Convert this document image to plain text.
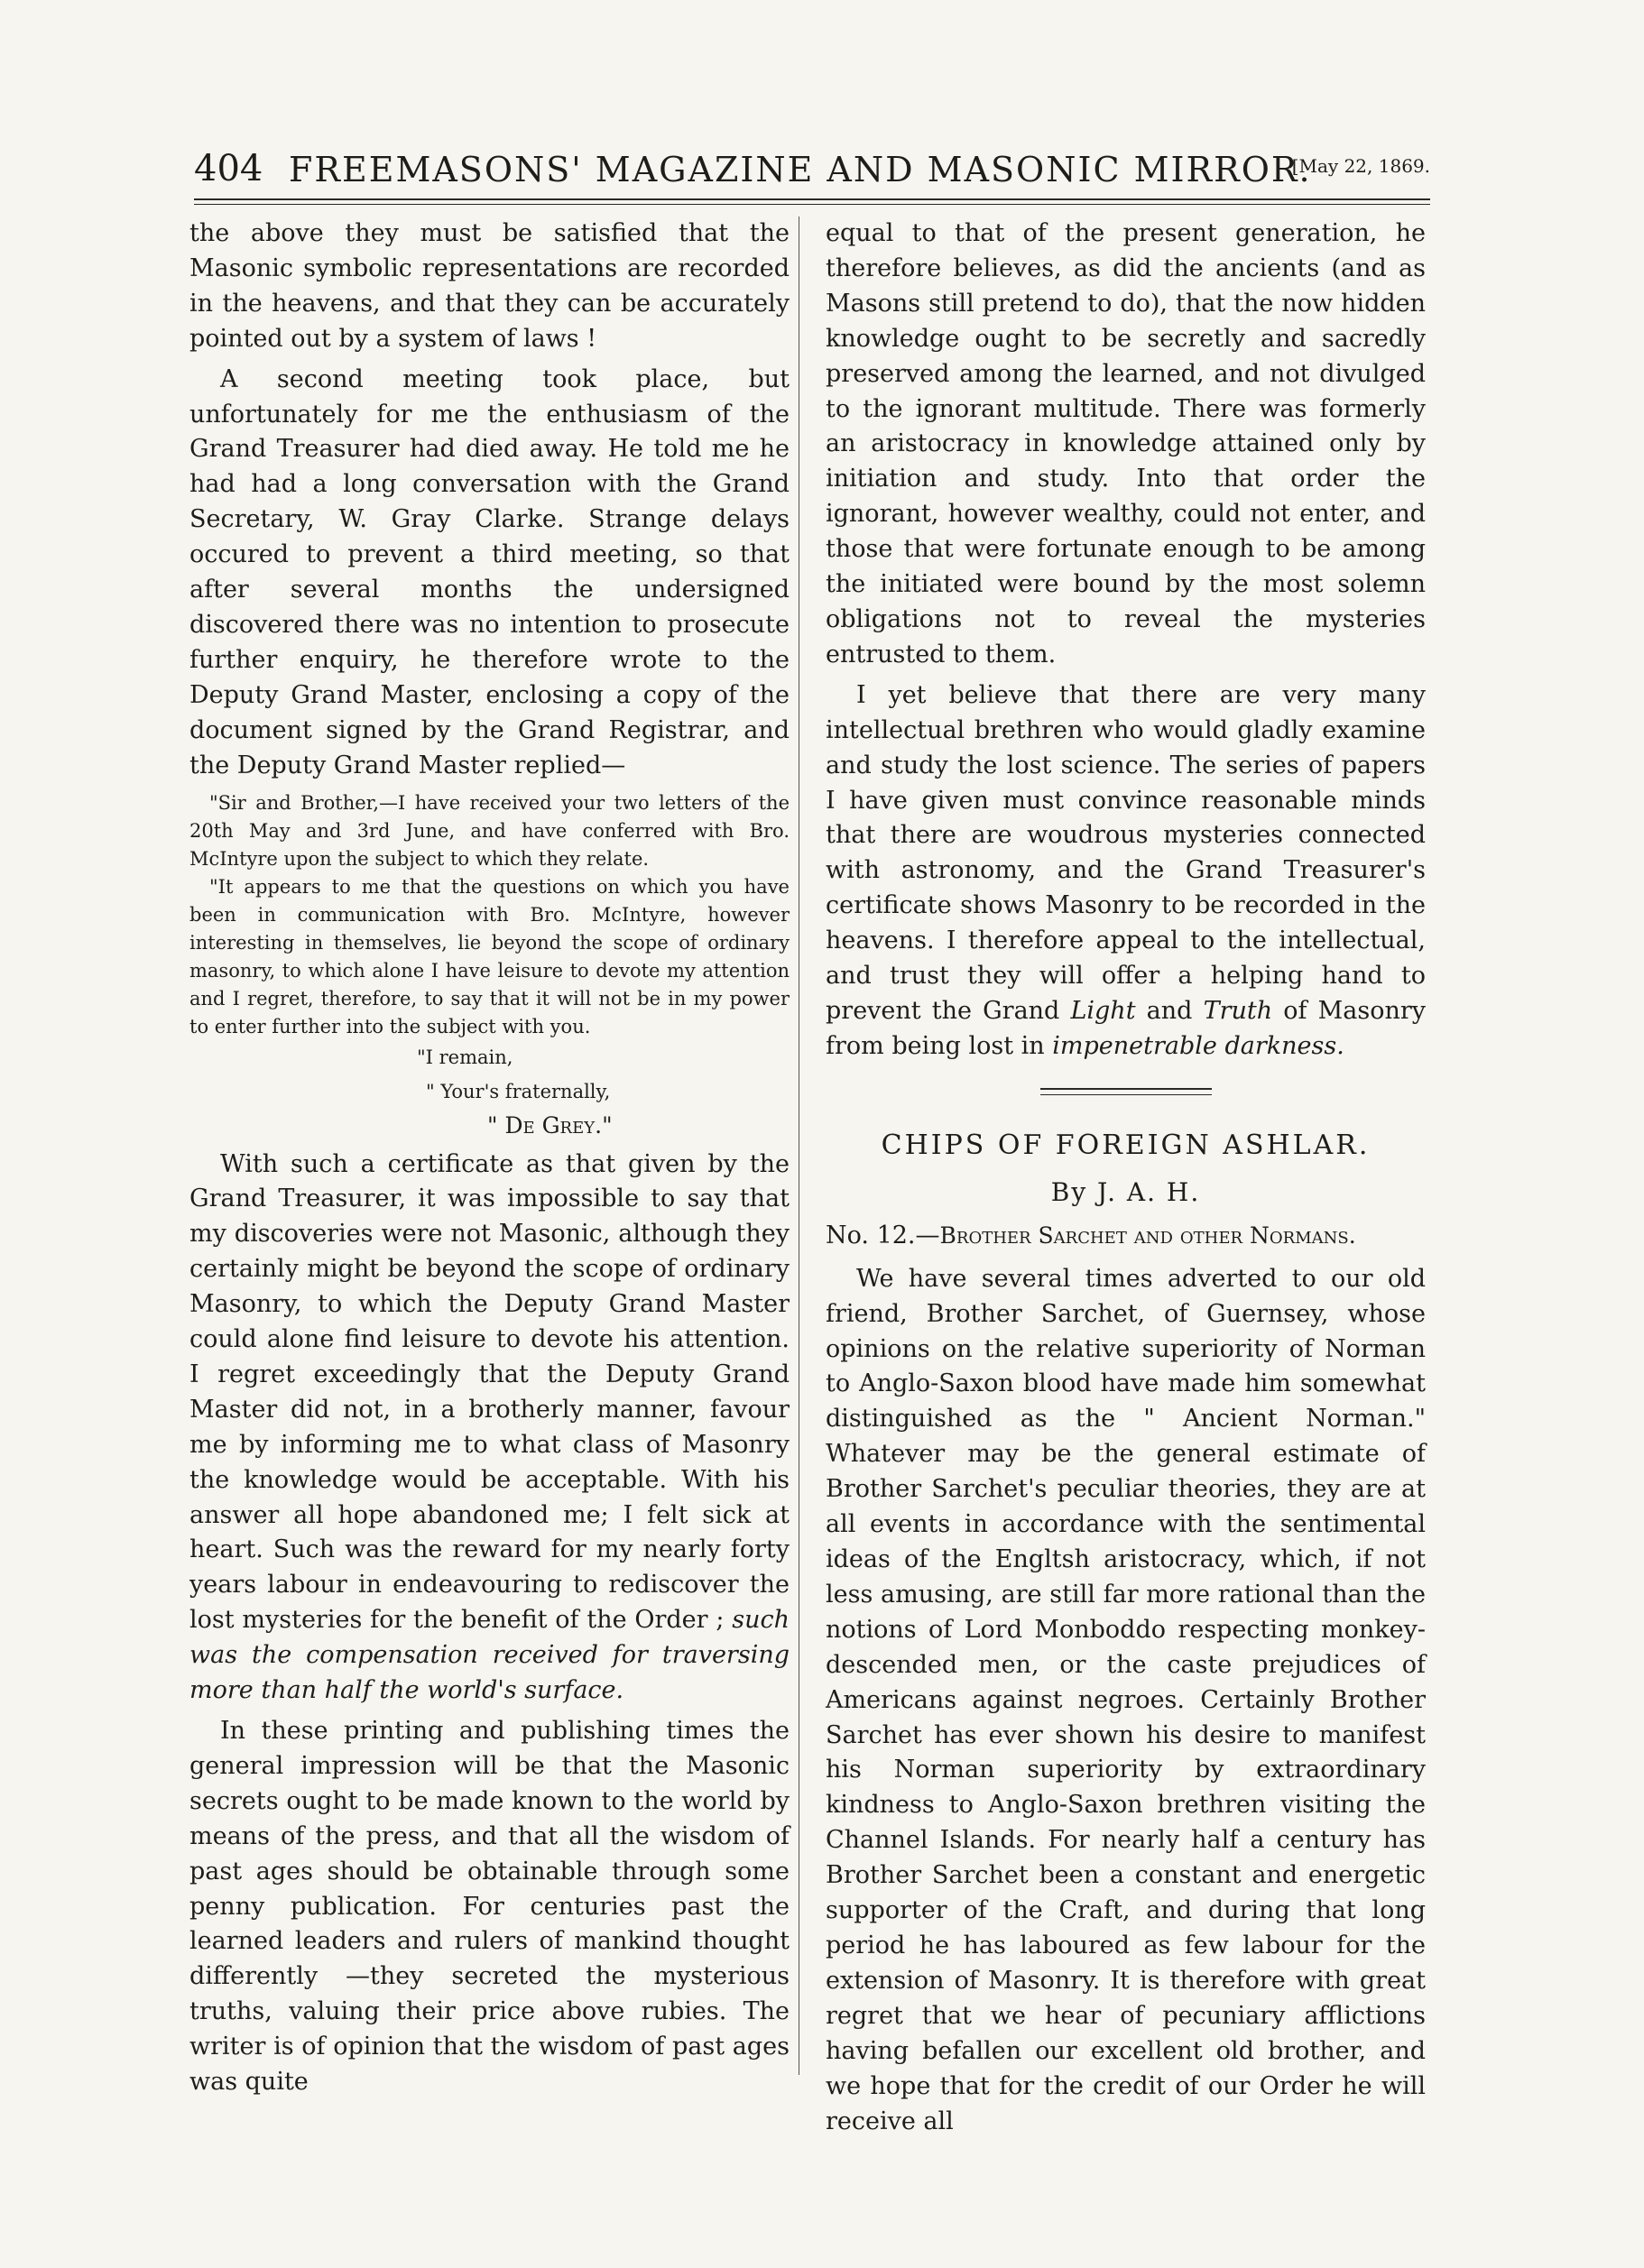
404 FREEMASONS' MAGAZINE AND MASONIC MIRROR.
[May 22, 1869.

the above they must be satisfied that the Masonic symbolic representations are recorded in the heavens, and that they can be accurately pointed out by a system of laws !

A second meeting took place, but unfortunately for me the enthusiasm of the Grand Treasurer had died away. He told me he had had a long conversation with the Grand Secretary, W. Gray Clarke. Strange delays occured to prevent a third meeting, so that after several months the undersigned discovered there was no intention to prosecute further enquiry, he therefore wrote to the Deputy Grand Master, enclosing a copy of the document signed by the Grand Registrar, and the Deputy Grand Master replied—

"Sir and Brother,—I have received your two letters of the 20th May and 3rd June, and have conferred with Bro. McIntyre upon the subject to which they relate.

"It appears to me that the questions on which you have been in communication with Bro. McIntyre, however interesting in themselves, lie beyond the scope of ordinary masonry, to which alone I have leisure to devote my attention and I regret, therefore, to say that it will not be in my power to enter further into the subject with you.

"I remain,
" Your's fraternally,
" De Grey."

With such a certificate as that given by the Grand Treasurer, it was impossible to say that my discoveries were not Masonic, although they certainly might be beyond the scope of ordinary Masonry, to which the Deputy Grand Master could alone find leisure to devote his attention. I regret exceedingly that the Deputy Grand Master did not, in a brotherly manner, favour me by informing me to what class of Masonry the knowledge would be acceptable. With his answer all hope abandoned me; I felt sick at heart. Such was the reward for my nearly forty years labour in endeavouring to rediscover the lost mysteries for the benefit of the Order ; such was the compensation received for traversing more than half the world's surface.

In these printing and publishing times the general impression will be that the Masonic secrets ought to be made known to the world by means of the press, and that all the wisdom of past ages should be obtainable through some penny publication. For centuries past the learned leaders and rulers of mankind thought differently —they secreted the mysterious truths, valuing their price above rubies. The writer is of opinion that the wisdom of past ages was quite

equal to that of the present generation, he therefore believes, as did the ancients (and as Masons still pretend to do), that the now hidden knowledge ought to be secretly and sacredly preserved among the learned, and not divulged to the ignorant multitude. There was formerly an aristocracy in knowledge attained only by initiation and study. Into that order the ignorant, however wealthy, could not enter, and those that were fortunate enough to be among the initiated were bound by the most solemn obligations not to reveal the mysteries entrusted to them.

I yet believe that there are very many intellectual brethren who would gladly examine and study the lost science. The series of papers I have given must convince reasonable minds that there are woudrous mysteries connected with astronomy, and the Grand Treasurer's certificate shows Masonry to be recorded in the heavens. I therefore appeal to the intellectual, and trust they will offer a helping hand to prevent the Grand Light and Truth of Masonry from being lost in impenetrable darkness.

CHIPS OF FOREIGN ASHLAR.
By J. A. H.
No. 12.—Brother Sarchet and other Normans.

We have several times adverted to our old friend, Brother Sarchet, of Guernsey, whose opinions on the relative superiority of Norman to Anglo-Saxon blood have made him somewhat distinguished as the " Ancient Norman." Whatever may be the general estimate of Brother Sarchet's peculiar theories, they are at all events in accordance with the sentimental ideas of the Engltsh aristocracy, which, if not less amusing, are still far more rational than the notions of Lord Monboddo respecting monkey-descended men, or the caste prejudices of Americans against negroes. Certainly Brother Sarchet has ever shown his desire to manifest his Norman superiority by extraordinary kindness to Anglo-Saxon brethren visiting the Channel Islands. For nearly half a century has Brother Sarchet been a constant and energetic supporter of the Craft, and during that long period he has laboured as few labour for the extension of Masonry. It is therefore with great regret that we hear of pecuniary afflictions having befallen our excellent old brother, and we hope that for the credit of our Order he will receive all
